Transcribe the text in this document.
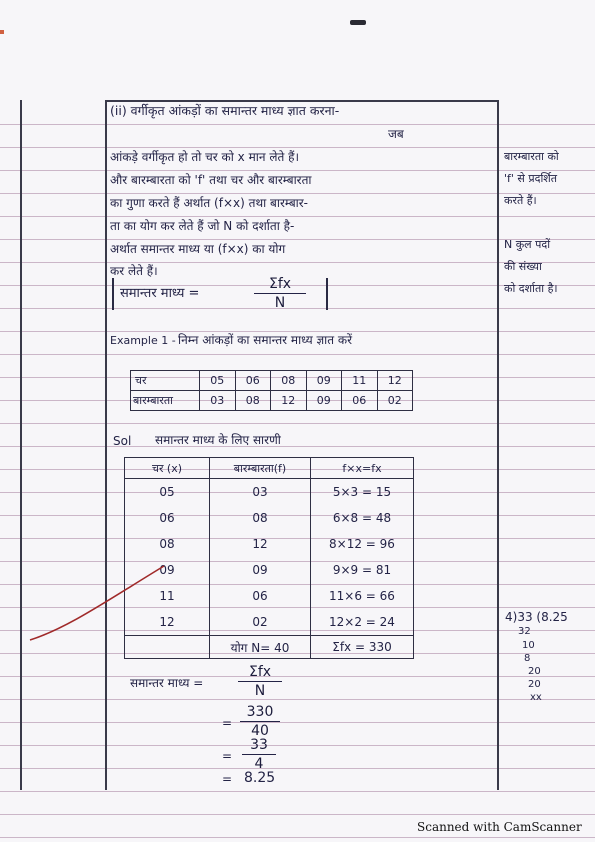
(ii) वर्गीकृत आंकड़ों का समान्तर माध्य ज्ञात करना-
जब
आंकड़े वर्गीकृत हो तो चर को x मान लेते हैं।
और बारम्बारता को 'f' तथा चर और बारम्बारता
का गुणा करते हैं अर्थात (f×x) तथा बारम्बार-
ता का योग कर लेते हैं जो N को दर्शाता है-
अर्थात समान्तर माध्य या (f×x) का योग
कर लेते हैं।
समान्तर माध्य =
Σfx
N
बारम्बारता को
'f' से प्रदर्शित
करते हैं।
N कुल पदों
की संख्या
को दर्शाता है।
Example 1 - निम्न आंकड़ों का समान्तर माध्य ज्ञात करें
चर	05	06	08	09	11	12
बारम्बारता	03	08	12	09	06	02
Sol समान्तर माध्य के लिए सारणी
चर (x)	बारम्बारता(f)	f×x=fx
05	03	5×3 = 15
06	08	6×8 = 48
08	12	8×12 = 96
09	09	9×9 = 81
11	06	11×6 = 66
12	02	12×2 = 24
	योग N= 40	Σfx = 330
4)33 (8.25
32
10
8
20
20
xx
समान्तर माध्य =
Σfx
N
= $\frac{330}{40}$
= $\frac{33}{4}$
= 8.25
Scanned with CamScanner
